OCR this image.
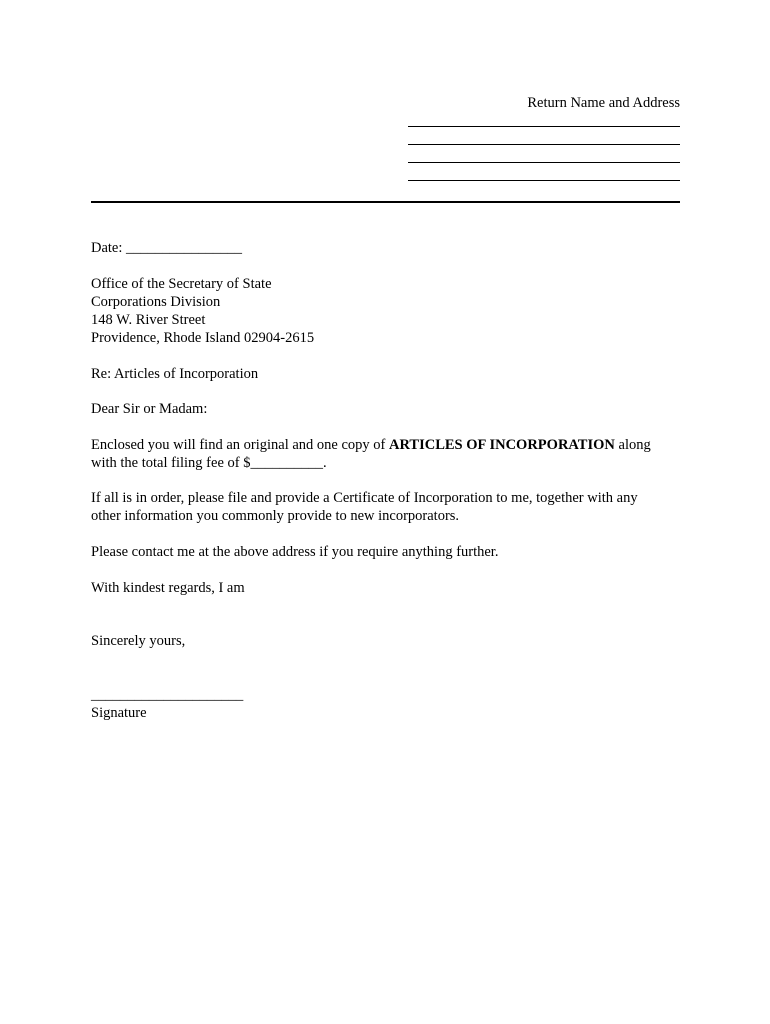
Return Name and Address
Date: ________________
Office of the Secretary of State
Corporations Division
148 W. River Street
Providence, Rhode Island 02904-2615
Re: Articles of Incorporation
Dear Sir or Madam:
Enclosed you will find an original and one copy of ARTICLES OF INCORPORATION along
with the total filing fee of $__________.
If all is in order, please file and provide a Certificate of Incorporation to me, together with any
other information you commonly provide to new incorporators.
Please contact me at the above address if you require anything further.
With kindest regards, I am
Sincerely yours,
_____________________
Signature
